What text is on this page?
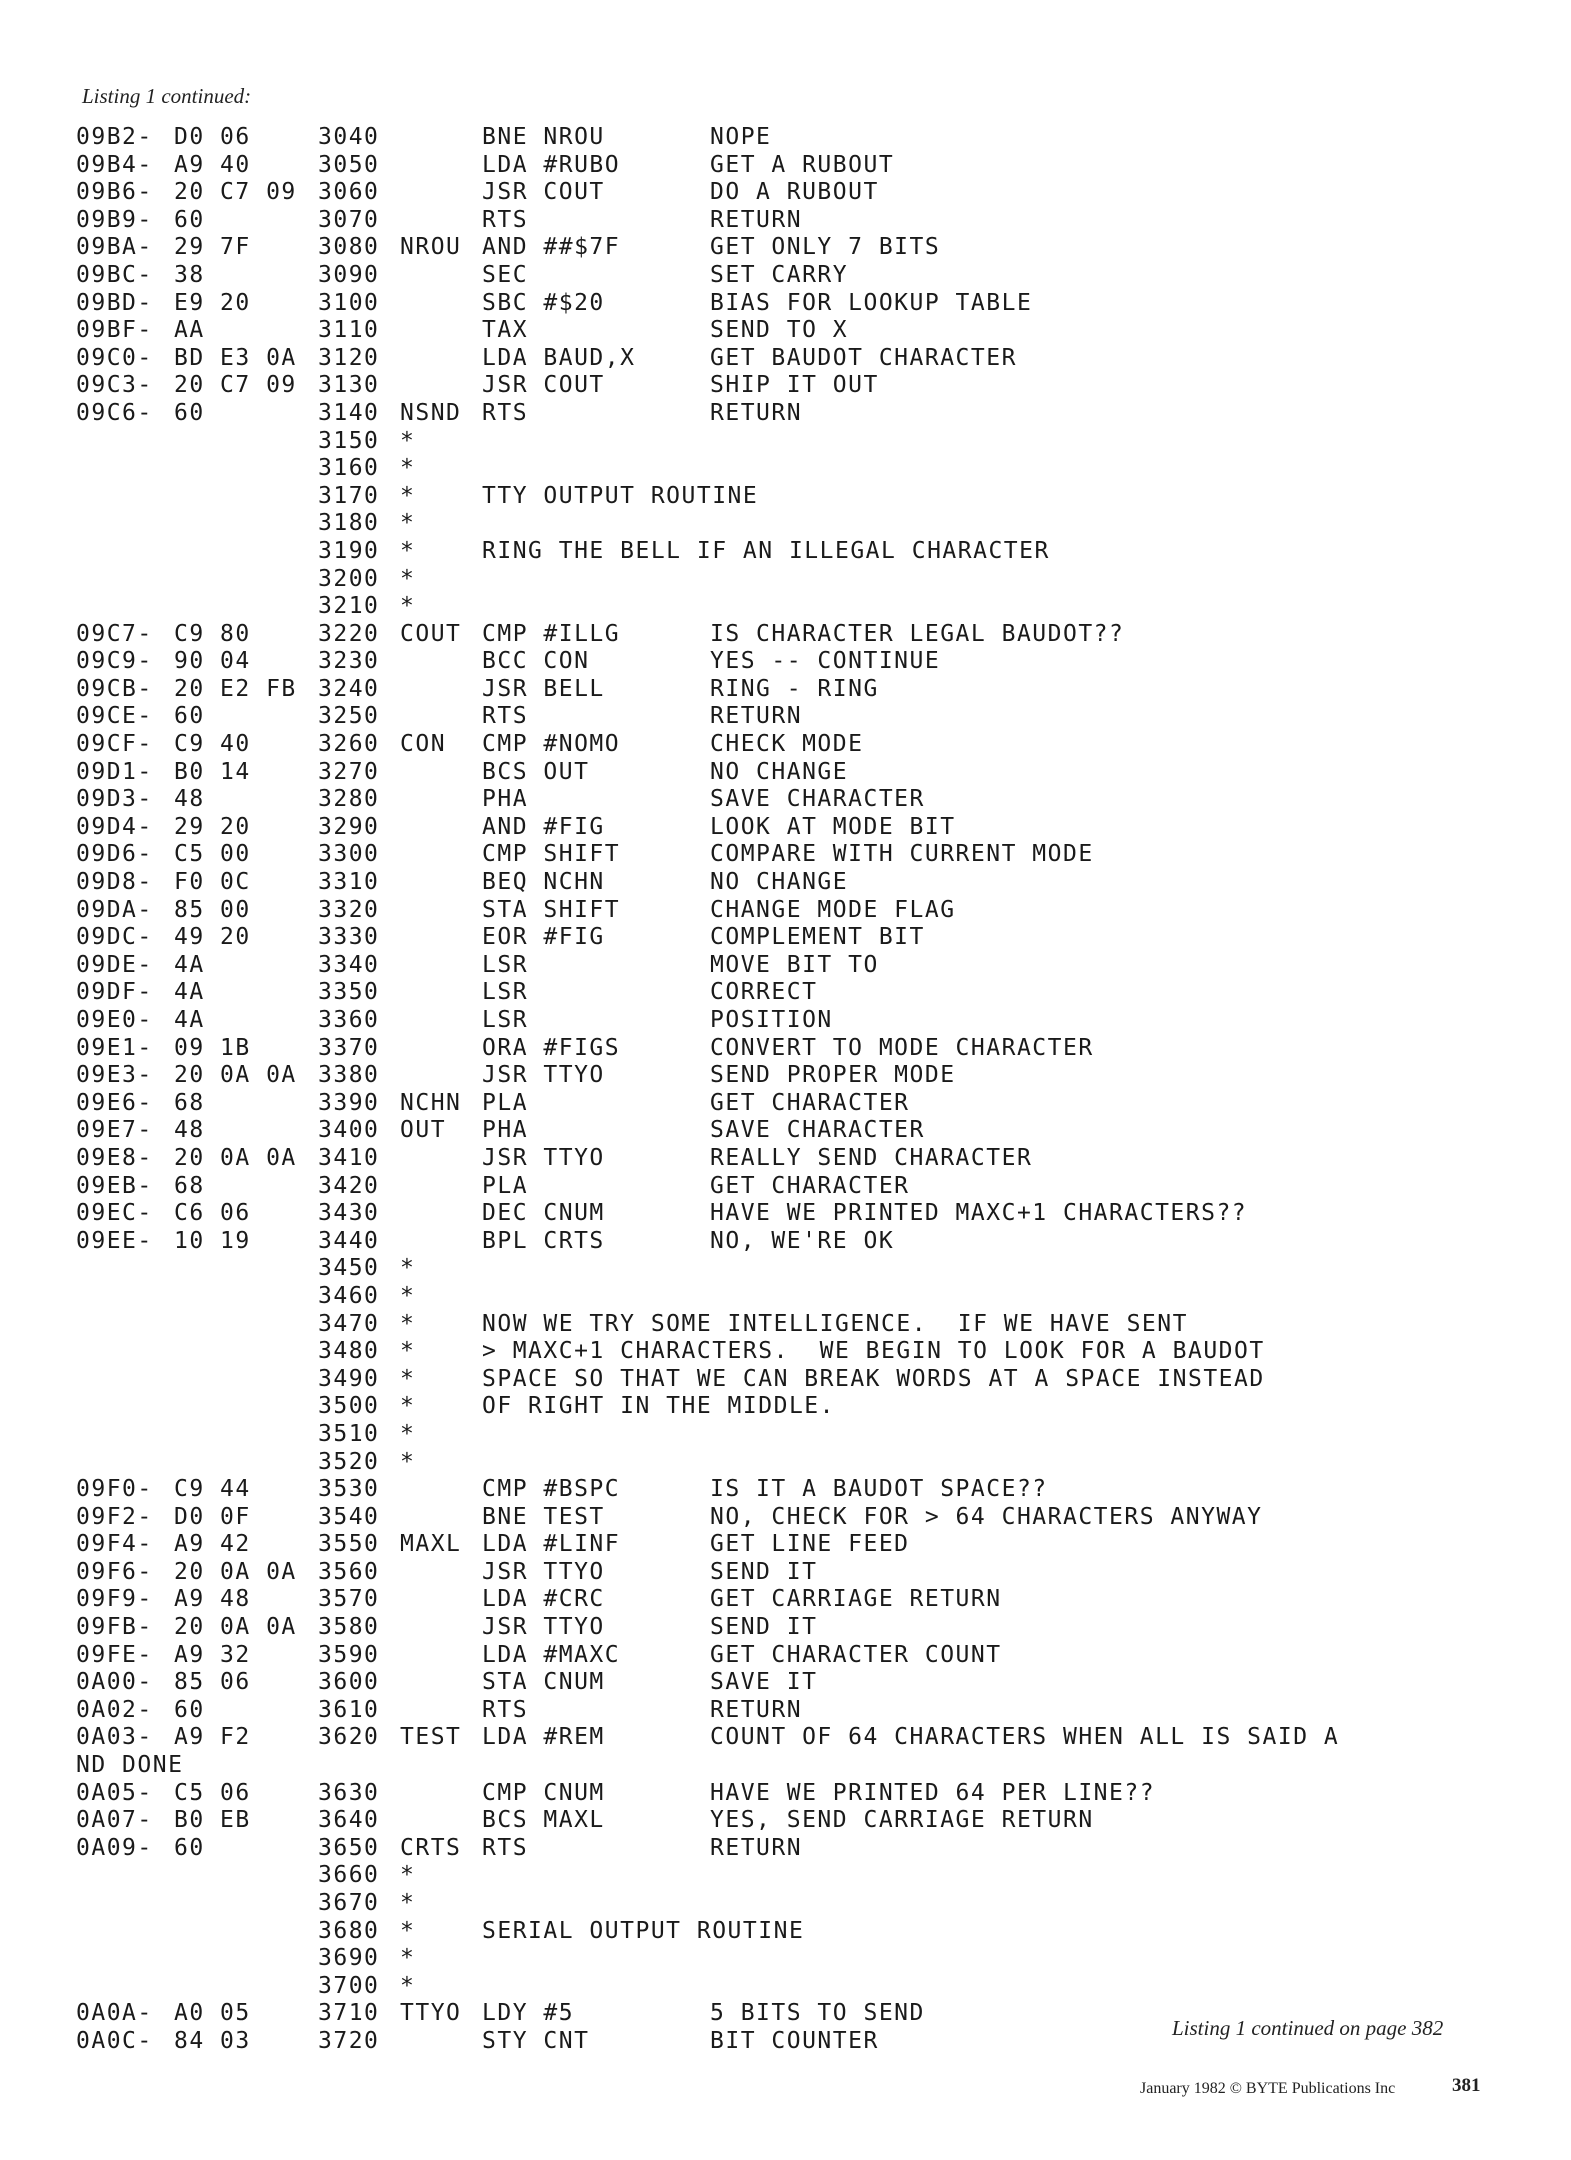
Listing 1 continued:
09B2- D0 06	3040	BNE NROU	NOPE
09B4- A9 40	3050	LDA #RUBO	GET A RUBOUT
09B6- 20 C7 09 3060	JSR COUT	DO A RUBOUT
09B9- 60	3070	RTS	RETURN
09BA- 29 7F	3080 NROU AND ##$7F	GET ONLY 7 BITS
09BC- 38	3090	SEC	SET CARRY
09BD- E9 20	3100	SBC #$20	BIAS FOR LOOKUP TABLE
09BF- AA	3110	TAX	SEND TO X
09C0- BD E3 0A 3120	LDA BAUD,X	GET BAUDOT CHARACTER
09C3- 20 C7 09 3130	JSR COUT	SHIP IT OUT
09C6- 60	3140 NSND RTS	RETURN
3150 *
3160 *
3170 *	TTY OUTPUT ROUTINE
3180 *
3190 *	RING THE BELL IF AN ILLEGAL CHARACTER
3200 *
3210 *
09C7- C9 80	3220 COUT CMP #ILLG	IS CHARACTER LEGAL BAUDOT??
09C9- 90 04	3230	BCC CON	YES -- CONTINUE
09CB- 20 E2 FB 3240	JSR BELL	RING - RING
09CE- 60	3250	RTS	RETURN
09CF- C9 40	3260 CON CMP #NOMO	CHECK MODE
09D1- B0 14	3270	BCS OUT	NO CHANGE
09D3- 48	3280	PHA	SAVE CHARACTER
09D4- 29 20	3290	AND #FIG	LOOK AT MODE BIT
09D6- C5 00	3300	CMP SHIFT	COMPARE WITH CURRENT MODE
09D8- F0 0C	3310	BEQ NCHN	NO CHANGE
09DA- 85 00	3320	STA SHIFT	CHANGE MODE FLAG
09DC- 49 20	3330	EOR #FIG	COMPLEMENT BIT
09DE- 4A	3340	LSR	MOVE BIT TO
09DF- 4A	3350	LSR	CORRECT
09E0- 4A	3360	LSR	POSITION
09E1- 09 1B	3370	ORA #FIGS	CONVERT TO MODE CHARACTER
09E3- 20 0A 0A 3380	JSR TTYO	SEND PROPER MODE
09E6- 68	3390 NCHN PLA	GET CHARACTER
09E7- 48	3400 OUT PHA	SAVE CHARACTER
09E8- 20 0A 0A 3410	JSR TTYO	REALLY SEND CHARACTER
09EB- 68	3420	PLA	GET CHARACTER
09EC- C6 06	3430	DEC CNUM	HAVE WE PRINTED MAXC+1 CHARACTERS??
09EE- 10 19	3440	BPL CRTS	NO, WE'RE OK
3450 *
3460 *
3470 *	NOW WE TRY SOME INTELLIGENCE.  IF WE HAVE SENT
3480 *	> MAXC+1 CHARACTERS.  WE BEGIN TO LOOK FOR A BAUDOT
3490 *	SPACE SO THAT WE CAN BREAK WORDS AT A SPACE INSTEAD
3500 *	OF RIGHT IN THE MIDDLE.
3510 *
3520 *
09F0- C9 44	3530	CMP #BSPC	IS IT A BAUDOT SPACE??
09F2- D0 0F	3540	BNE TEST	NO, CHECK FOR > 64 CHARACTERS ANYWAY
09F4- A9 42	3550 MAXL LDA #LINF	GET LINE FEED
09F6- 20 0A 0A 3560	JSR TTYO	SEND IT
09F9- A9 48	3570	LDA #CRC	GET CARRIAGE RETURN
09FB- 20 0A 0A 3580	JSR TTYO	SEND IT
09FE- A9 32	3590	LDA #MAXC	GET CHARACTER COUNT
0A00- 85 06	3600	STA CNUM	SAVE IT
0A02- 60	3610	RTS	RETURN
0A03- A9 F2	3620 TEST LDA #REM	COUNT OF 64 CHARACTERS WHEN ALL IS SAID A
ND DONE
0A05- C5 06	3630	CMP CNUM	HAVE WE PRINTED 64 PER LINE??
0A07- B0 EB	3640	BCS MAXL	YES, SEND CARRIAGE RETURN
0A09- 60	3650 CRTS RTS	RETURN
3660 *
3670 *
3680 *	SERIAL OUTPUT ROUTINE
3690 *
3700 *
0A0A- A0 05	3710 TTYO LDY #5	5 BITS TO SEND
0A0C- 84 03	3720	STY CNT	BIT COUNTER	Listing 1 continued on page 382
January 1982 © BYTE Publications Inc	381
